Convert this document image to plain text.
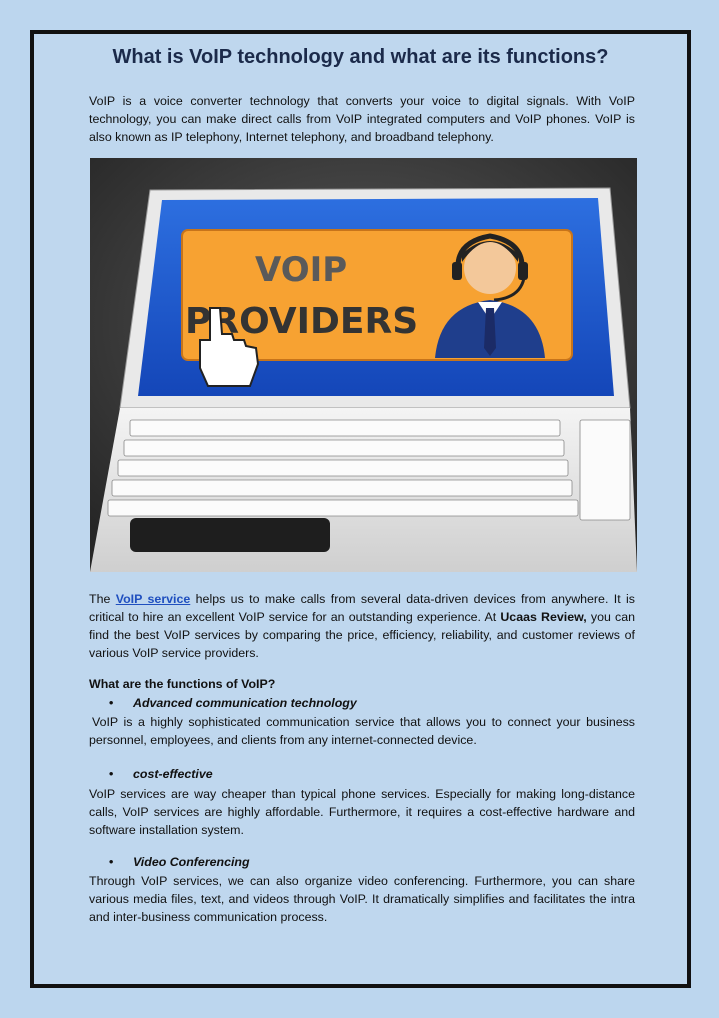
What is VoIP technology and what are its functions?
VoIP is a voice converter technology that converts your voice to digital signals. With VoIP technology, you can make direct calls from VoIP integrated computers and VoIP phones. VoIP is also known as IP telephony, Internet telephony, and broadband telephony.
VOIP
PROVIDERS
The VoIP service helps us to make calls from several data-driven devices from anywhere. It is critical to hire an excellent VoIP service for an outstanding experience. At Ucaas Review, you can find the best VoIP services by comparing the price, efficiency, reliability, and customer reviews of various VoIP service providers.
What are the functions of VoIP?
• Advanced communication technology
VoIP is a highly sophisticated communication service that allows you to connect your business personnel, employees, and clients from any internet-connected device.
• cost-effective
VoIP services are way cheaper than typical phone services. Especially for making long-distance calls, VoIP services are highly affordable. Furthermore, it requires a cost-effective hardware and software installation system.
• Video Conferencing
Through VoIP services, we can also organize video conferencing. Furthermore, you can share various media files, text, and videos through VoIP. It dramatically simplifies and facilitates the intra and inter-business communication process.
